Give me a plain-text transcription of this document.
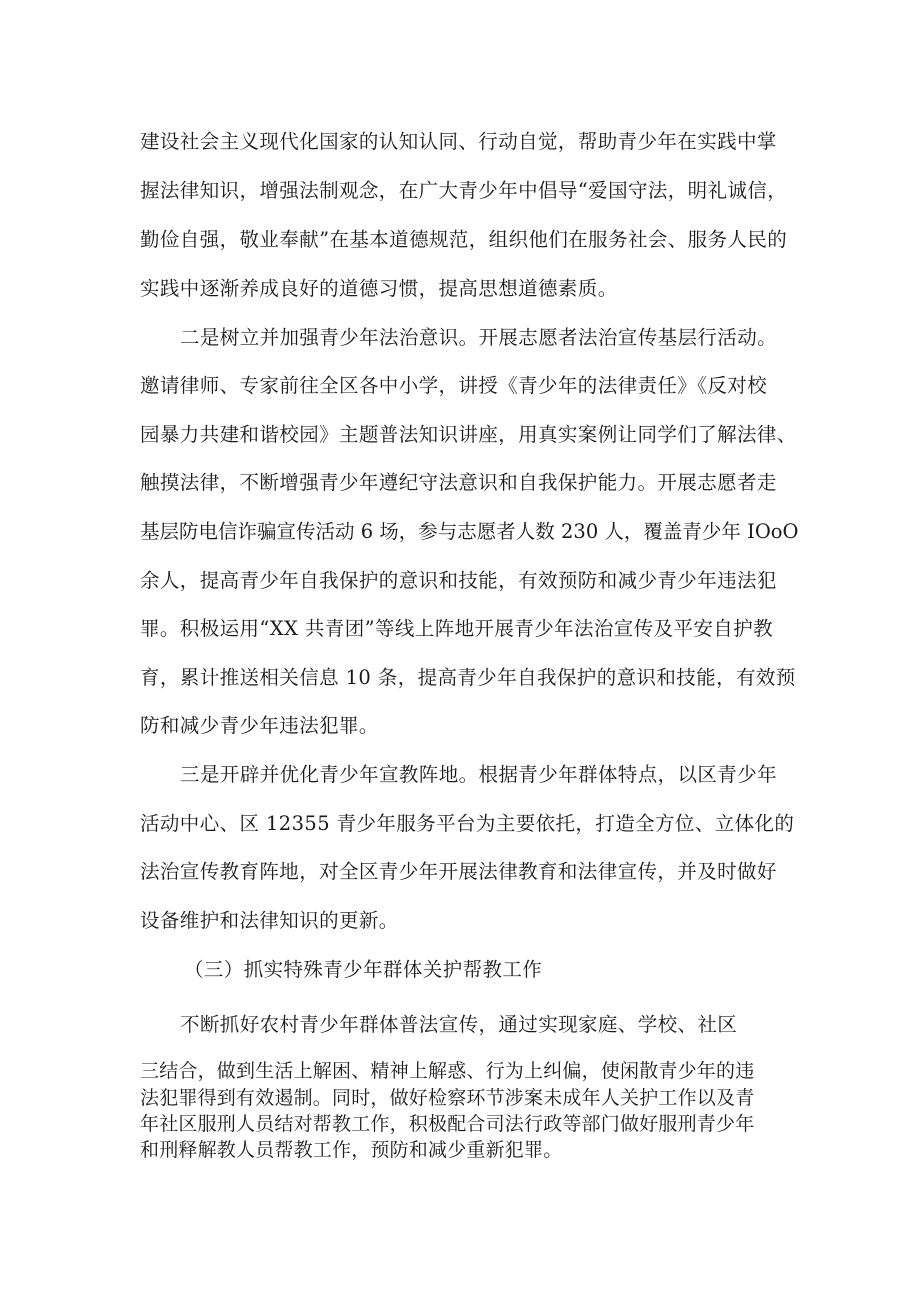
建设社会主义现代化国家的认知认同、行动自觉，帮助青少年在实践中掌
握法律知识，增强法制观念，在广大青少年中倡导“爱国守法，明礼诚信，
勤俭自强，敬业奉献”在基本道德规范，组织他们在服务社会、服务人民的
实践中逐渐养成良好的道德习惯，提高思想道德素质。
二是树立并加强青少年法治意识。开展志愿者法治宣传基层行活动。
邀请律师、专家前往全区各中小学，讲授《青少年的法律责任》《反对校
园暴力共建和谐校园》主题普法知识讲座，用真实案例让同学们了解法律、
触摸法律，不断增强青少年遵纪守法意识和自我保护能力。开展志愿者走
基层防电信诈骗宣传活动 6 场，参与志愿者人数 230 人，覆盖青少年 IOoO
余人，提高青少年自我保护的意识和技能，有效预防和减少青少年违法犯
罪。积极运用“XX 共青团”等线上阵地开展青少年法治宣传及平安自护教
育，累计推送相关信息 10 条，提高青少年自我保护的意识和技能，有效预
防和减少青少年违法犯罪。
三是开辟并优化青少年宣教阵地。根据青少年群体特点，以区青少年
活动中心、区 12355 青少年服务平台为主要依托，打造全方位、立体化的
法治宣传教育阵地，对全区青少年开展法律教育和法律宣传，并及时做好
设备维护和法律知识的更新。
（三）抓实特殊青少年群体关护帮教工作
不断抓好农村青少年群体普法宣传，通过实现家庭、学校、社区
三结合，做到生活上解困、精神上解惑、行为上纠偏，使闲散青少年的违
法犯罪得到有效遏制。同时，做好检察环节涉案未成年人关护工作以及青
年社区服刑人员结对帮教工作，积极配合司法行政等部门做好服刑青少年
和刑释解教人员帮教工作，预防和减少重新犯罪。
